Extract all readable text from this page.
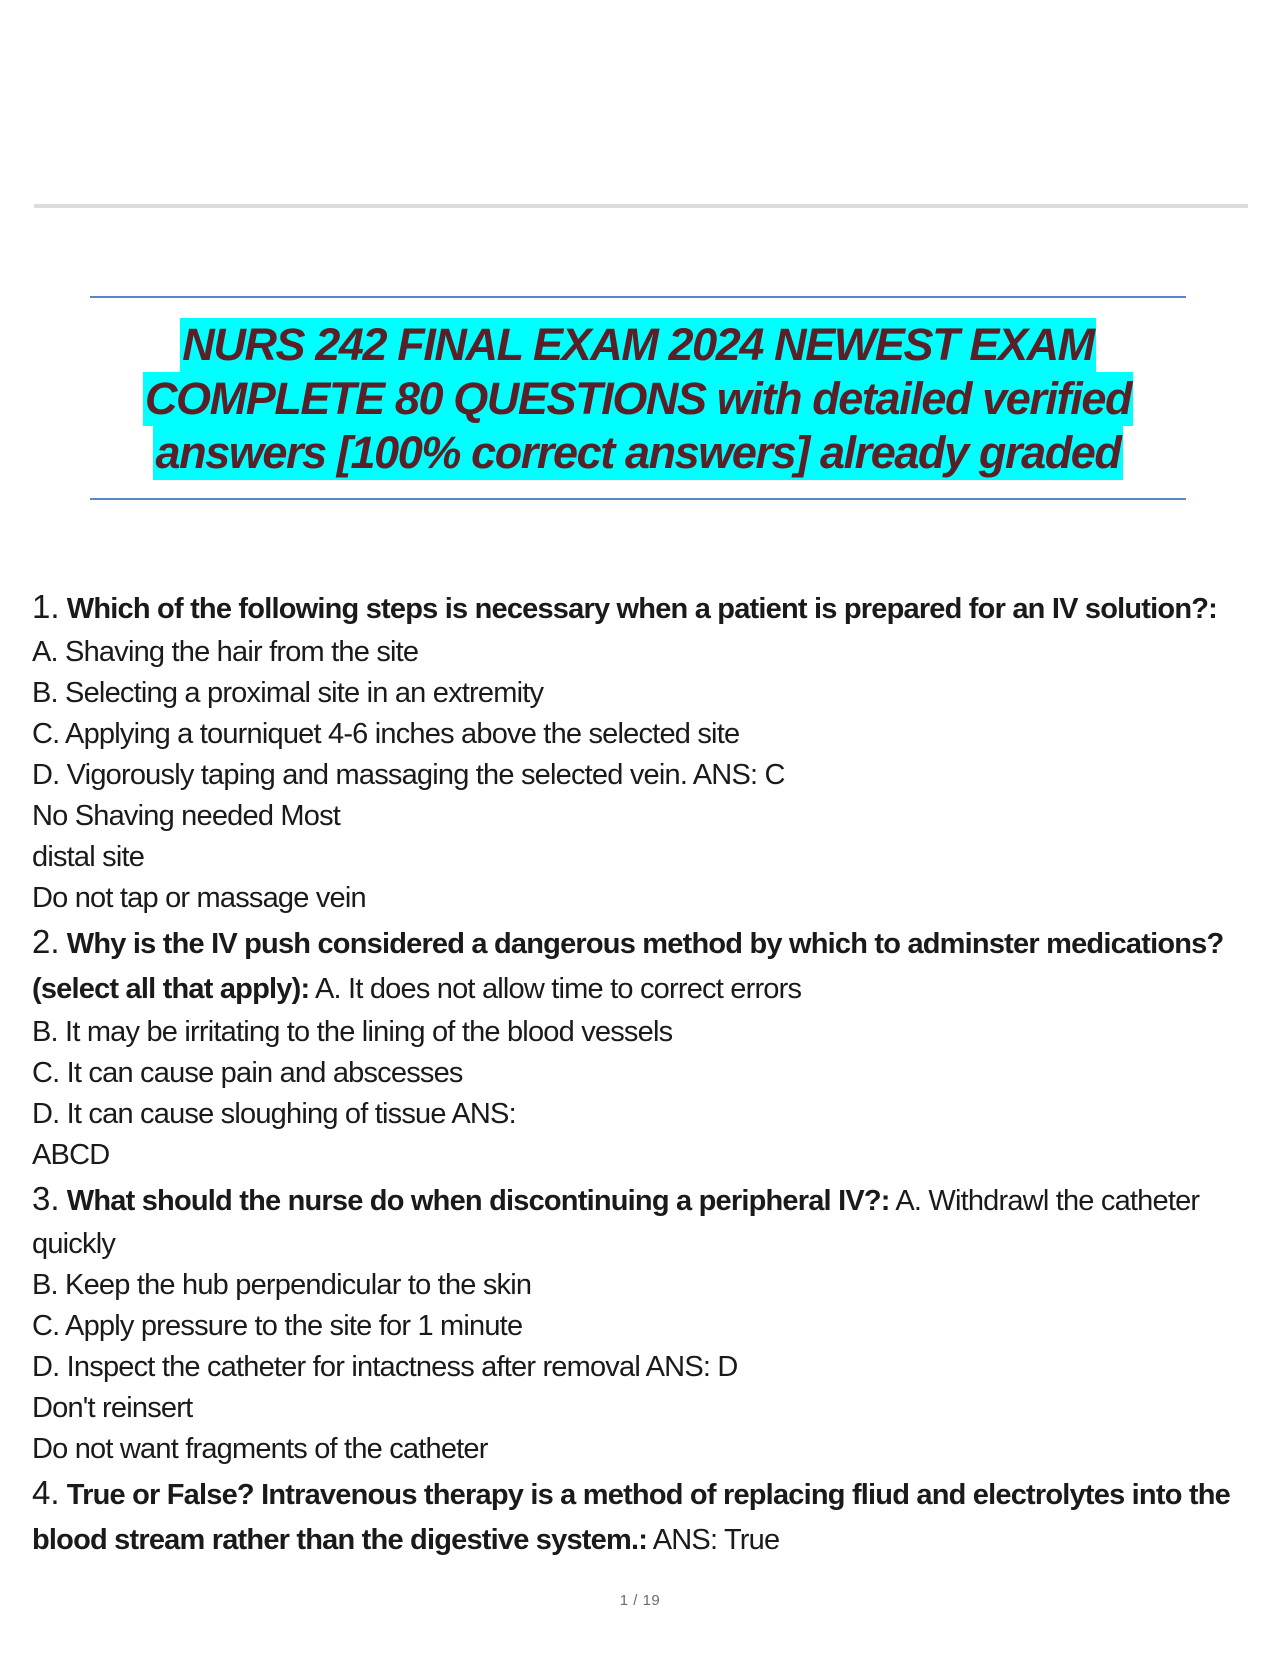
NURS 242 FINAL EXAM 2024 NEWEST EXAM
COMPLETE 80 QUESTIONS with detailed verified
answers [100% correct answers] already graded
1. Which of the following steps is necessary when a patient is prepared for an IV solution?:
A. Shaving the hair from the site
B. Selecting a proximal site in an extremity
C. Applying a tourniquet 4-6 inches above the selected site
D. Vigorously taping and massaging the selected vein. ANS: C
No Shaving needed Most
distal site
Do not tap or massage vein
2. Why is the IV push considered a dangerous method by which to adminster medications?
(select all that apply): A. It does not allow time to correct errors
B. It may be irritating to the lining of the blood vessels
C. It can cause pain and abscesses
D. It can cause sloughing of tissue ANS:
ABCD
3. What should the nurse do when discontinuing a peripheral IV?: A. Withdrawl the catheter
quickly
B. Keep the hub perpendicular to the skin
C. Apply pressure to the site for 1 minute
D. Inspect the catheter for intactness after removal ANS: D
Don't reinsert
Do not want fragments of the catheter
4. True or False? Intravenous therapy is a method of replacing fliud and electrolytes into the
blood stream rather than the digestive system.: ANS: True
1 / 19
